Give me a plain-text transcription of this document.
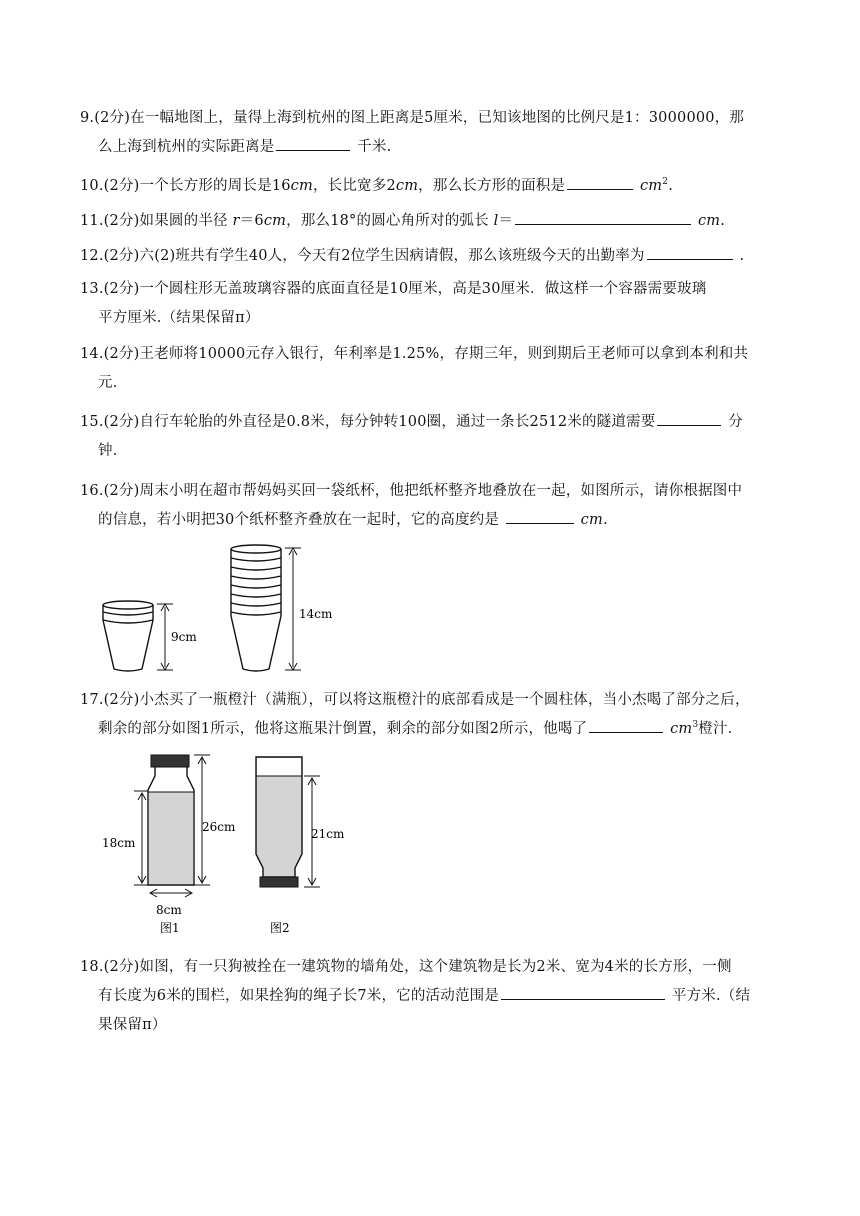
9.(2分)在一幅地图上，量得上海到杭州的图上距离是5厘米，已知该地图的比例尺是1：3000000，那
么上海到杭州的实际距离是	千米.
10.(2分)一个长方形的周长是16cm，长比宽多2cm，那么长方形的面积是	$cm^2$.
11.(2分)如果圆的半径 r＝6cm，那么18°的圆心角所对的弧长 l＝	cm.
12.(2分)六(2)班共有学生40人，今天有2位学生因病请假，那么该班级今天的出勤率为	.
13.(2分)一个圆柱形无盖玻璃容器的底面直径是10厘米，高是30厘米．做这样一个容器需要玻璃
平方厘米.（结果保留π）
14.(2分)王老师将10000元存入银行，年利率是1.25%，存期三年，则到期后王老师可以拿到本利和共
元.
15.(2分)自行车轮胎的外直径是0.8米，每分钟转100圈，通过一条长2512米的隧道需要	分
钟.
16.(2分)周末小明在超市帮妈妈买回一袋纸杯，他把纸杯整齐地叠放在一起，如图所示，请你根据图中
的信息，若小明把30个纸杯整齐叠放在一起时，它的高度约是	cm.
9cm
14cm
17.(2分)小杰买了一瓶橙汁（满瓶），可以将这瓶橙汁的底部看成是一个圆柱体，当小杰喝了部分之后，
剩余的部分如图1所示，他将这瓶果汁倒置，剩余的部分如图2所示，他喝了	$cm^3$橙汁.
18cm
26cm
8cm
图1
21cm
图2
18.(2分)如图，有一只狗被拴在一建筑物的墙角处，这个建筑物是长为2米、宽为4米的长方形，一侧
有长度为6米的围栏，如果拴狗的绳子长7米，它的活动范围是	平方米.（结
果保留π）
